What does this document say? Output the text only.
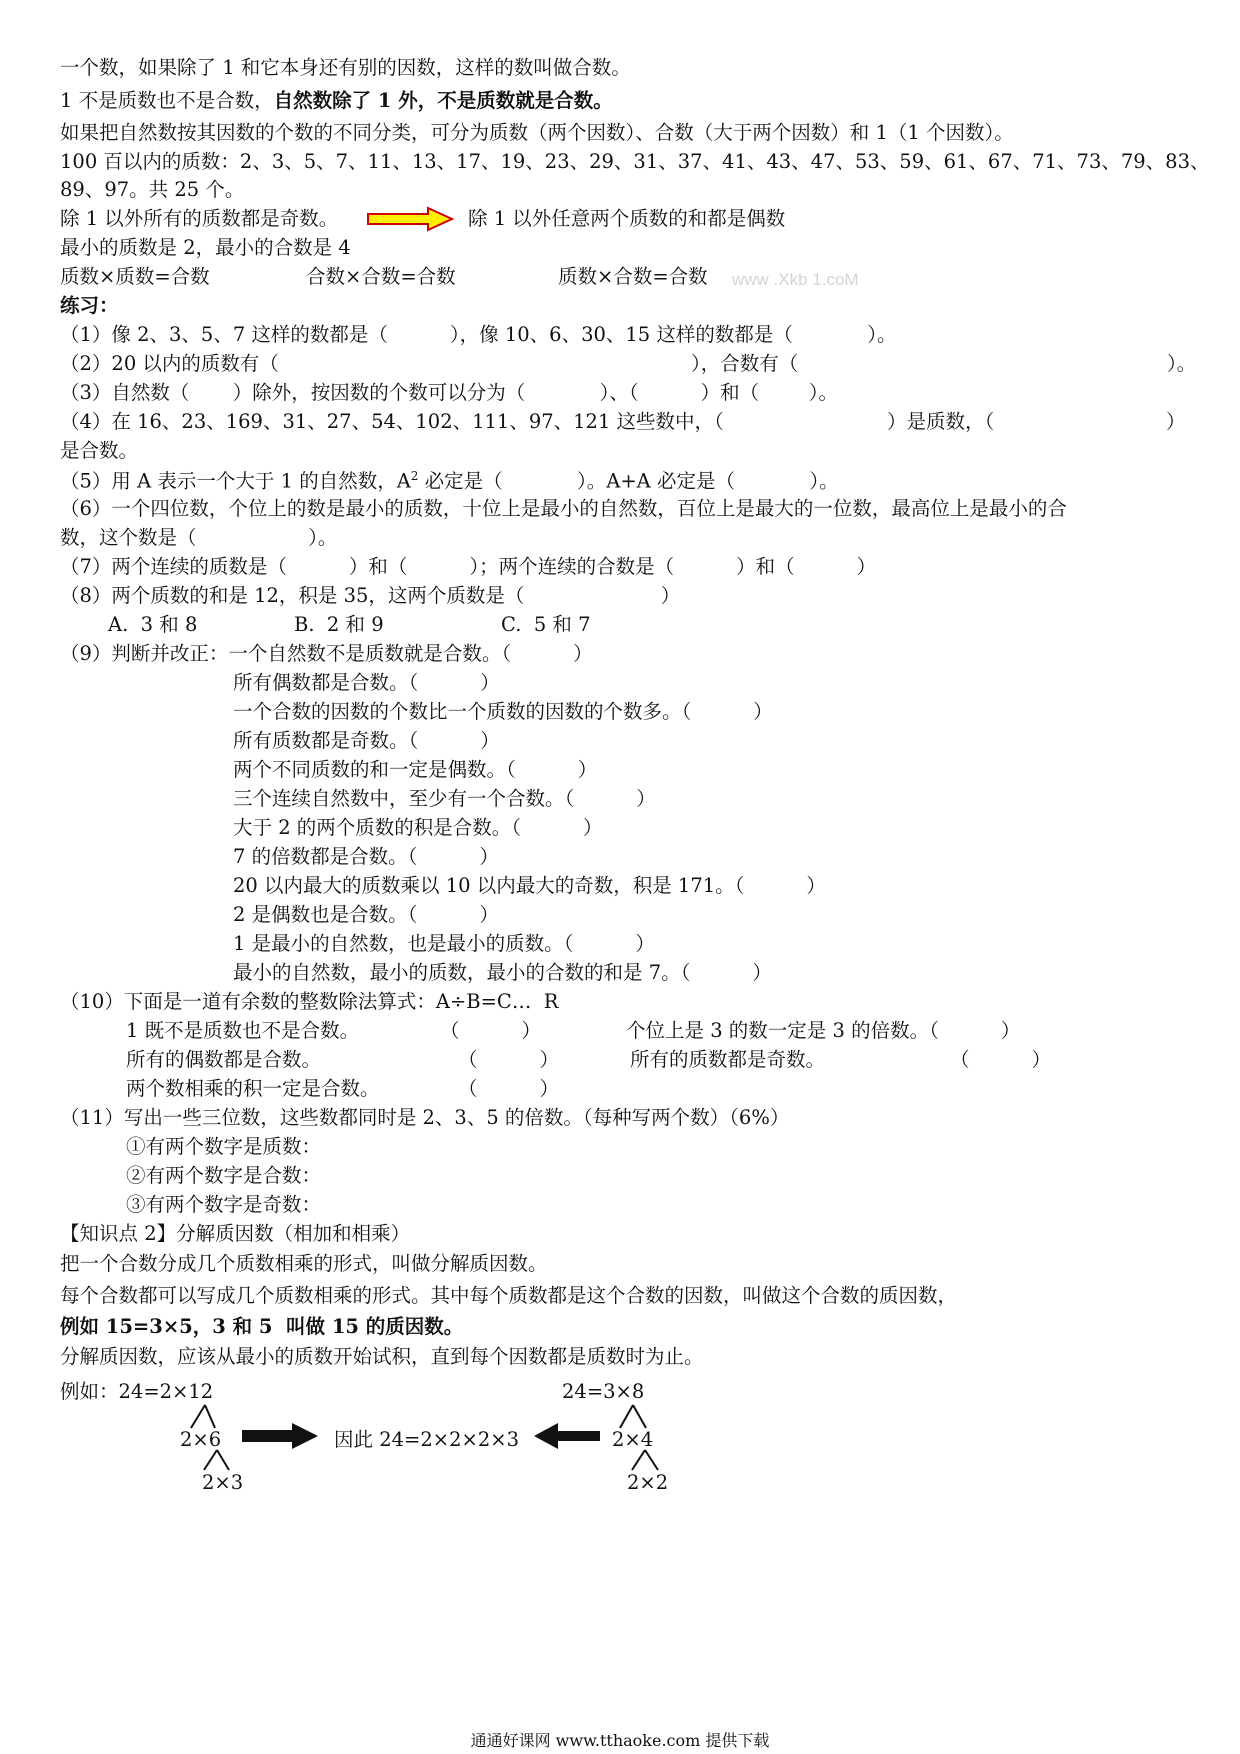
一个数，如果除了 1 和它本身还有别的因数，这样的数叫做合数。
1 不是质数也不是合数，自然数除了 1 外，不是质数就是合数。
如果把自然数按其因数的个数的不同分类，可分为质数（两个因数）、合数（大于两个因数）和 1（1 个因数）。
100 百以内的质数：2、3、5、7、11、13、17、19、23、29、31、37、41、43、47、53、59、61、67、71、73、79、83、
89、97。共 25 个。
除 1 以外所有的质数都是奇数。	除 1 以外任意两个质数的和都是偶数
最小的质数是 2，最小的合数是 4
质数×质数=合数	合数×合数=合数	质数×合数=合数 www .Xkb 1.coM
练习：
（1）像 2、3、5、7 这样的数都是（          ），像 10、6、30、15 这样的数都是（            ）。
（2）20 以内的质数有（	），合数有（	）。
（3）自然数（       ）除外，按因数的个数可以分为（            ）、（          ）和（        ）。
（4）在 16、23、169、31、27、54、102、111、97、121 这些数中，（	）是质数，（	）
是合数。
（5）用 A 表示一个大于 1 的自然数，$A^2$ 必定是（            ）。A+A 必定是（            ）。
（6）一个四位数，个位上的数是最小的质数，十位上是最小的自然数，百位上是最大的一位数，最高位上是最小的合
数，这个数是（                  ）。
（7）两个连续的质数是（          ）和（          ）；两个连续的合数是（          ）和（          ）
（8）两个质数的和是 12，积是 35，这两个质数是（                      ）
A.  3 和 8	B.  2 和 9	C.  5 和 7
（9）判断并改正：一个自然数不是质数就是合数。（          ）
所有偶数都是合数。（          ）
一个合数的因数的个数比一个质数的因数的个数多。（          ）
所有质数都是奇数。（          ）
两个不同质数的和一定是偶数。（          ）
三个连续自然数中，至少有一个合数。（          ）
大于 2 的两个质数的积是合数。（          ）
7 的倍数都是合数。（          ）
20 以内最大的质数乘以 10 以内最大的奇数，积是 171。（          ）
2 是偶数也是合数。（          ）
1 是最小的自然数，也是最小的质数。（          ）
最小的自然数，最小的质数，最小的合数的和是 7。（          ）
（10）下面是一道有余数的整数除法算式：A÷B=C…  R
1 既不是质数也不是合数。	（          ）	个位上是 3 的数一定是 3 的倍数。（          ）
所有的偶数都是合数。	（          ）	所有的质数都是奇数。	（          ）
两个数相乘的积一定是合数。	（          ）
（11）写出一些三位数，这些数都同时是 2、3、5 的倍数。（每种写两个数）（6%）
①有两个数字是质数：
②有两个数字是合数：
③有两个数字是奇数：
【知识点 2】分解质因数（相加和相乘）
把一个合数分成几个质数相乘的形式，叫做分解质因数。
每个合数都可以写成几个质数相乘的形式。其中每个质数都是这个合数的因数，叫做这个合数的质因数，
例如 15=3×5，3 和 5  叫做 15 的质因数。
分解质因数，应该从最小的质数开始试积，直到每个因数都是质数时为止。
例如：24=2×12
2×6
2×3
因此 24=2×2×2×3
24=3×8
2×4
2×2
通通好课网 www.tthaoke.com 提供下载
